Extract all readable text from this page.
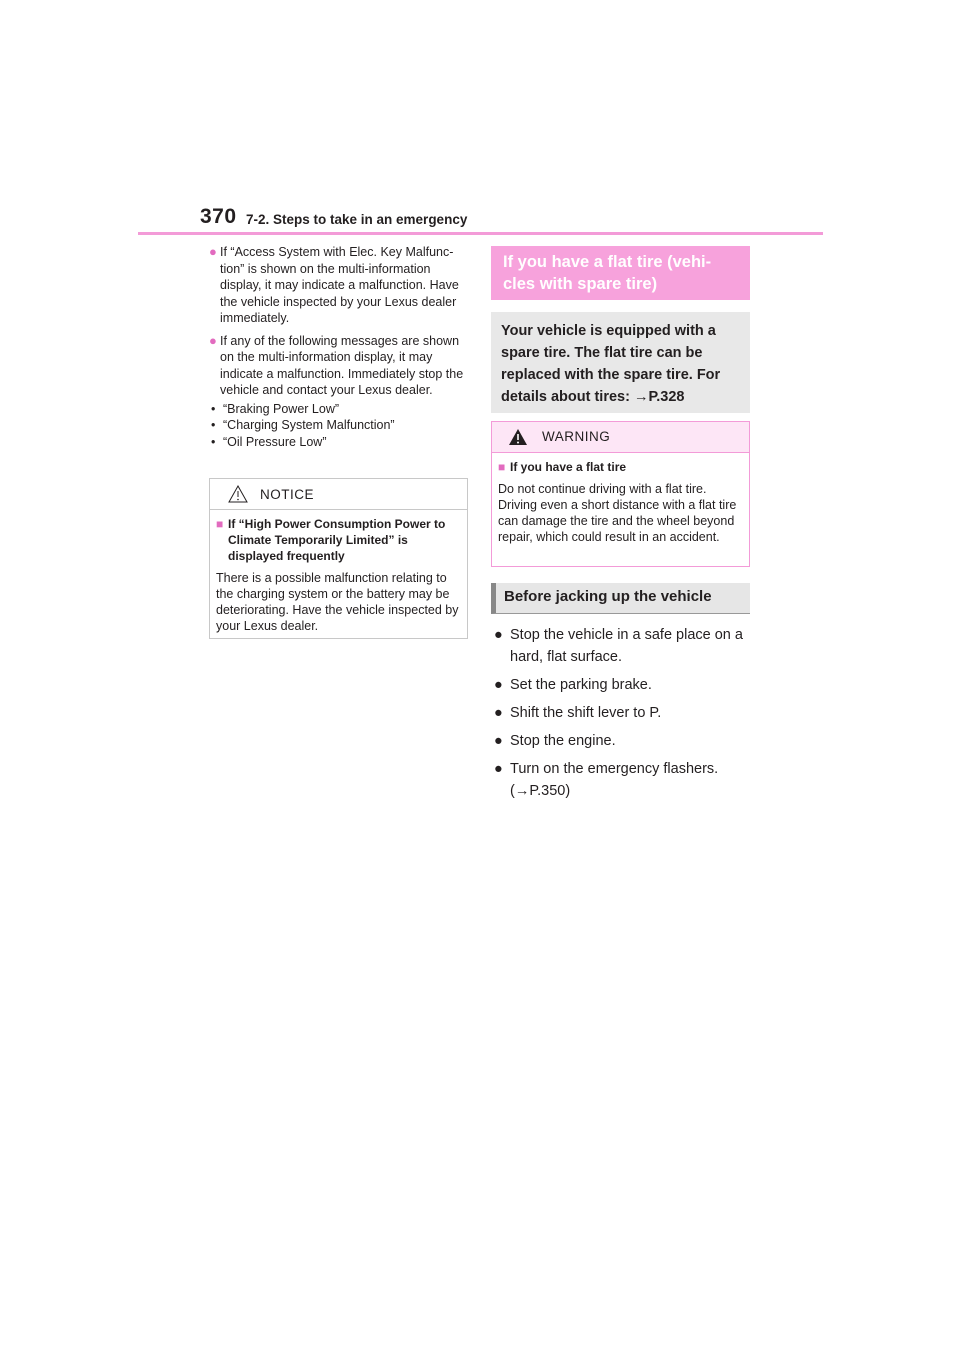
370 7-2. Steps to take in an emergency
● If “Access System with Elec. Key Malfunc-tion” is shown on the multi-information display, it may indicate a malfunction. Have the vehicle inspected by your Lexus dealer immediately.
● If any of the following messages are shown on the multi-information display, it may indicate a malfunction. Immediately stop the vehicle and contact your Lexus dealer.
• “Braking Power Low”
• “Charging System Malfunction”
• “Oil Pressure Low”
NOTICE
■ If “High Power Consumption Power to Climate Temporarily Limited” is displayed frequently
There is a possible malfunction relating to the charging system or the battery may be deteriorating. Have the vehicle inspected by your Lexus dealer.
If you have a flat tire (vehi-cles with spare tire)
Your vehicle is equipped with a spare tire. The flat tire can be replaced with the spare tire. For details about tires: →P.328
WARNING
■ If you have a flat tire
Do not continue driving with a flat tire. Driving even a short distance with a flat tire can damage the tire and the wheel beyond repair, which could result in an accident.
Before jacking up the vehicle
● Stop the vehicle in a safe place on a hard, flat surface.
● Set the parking brake.
● Shift the shift lever to P.
● Stop the engine.
● Turn on the emergency flashers. (→P.350)
